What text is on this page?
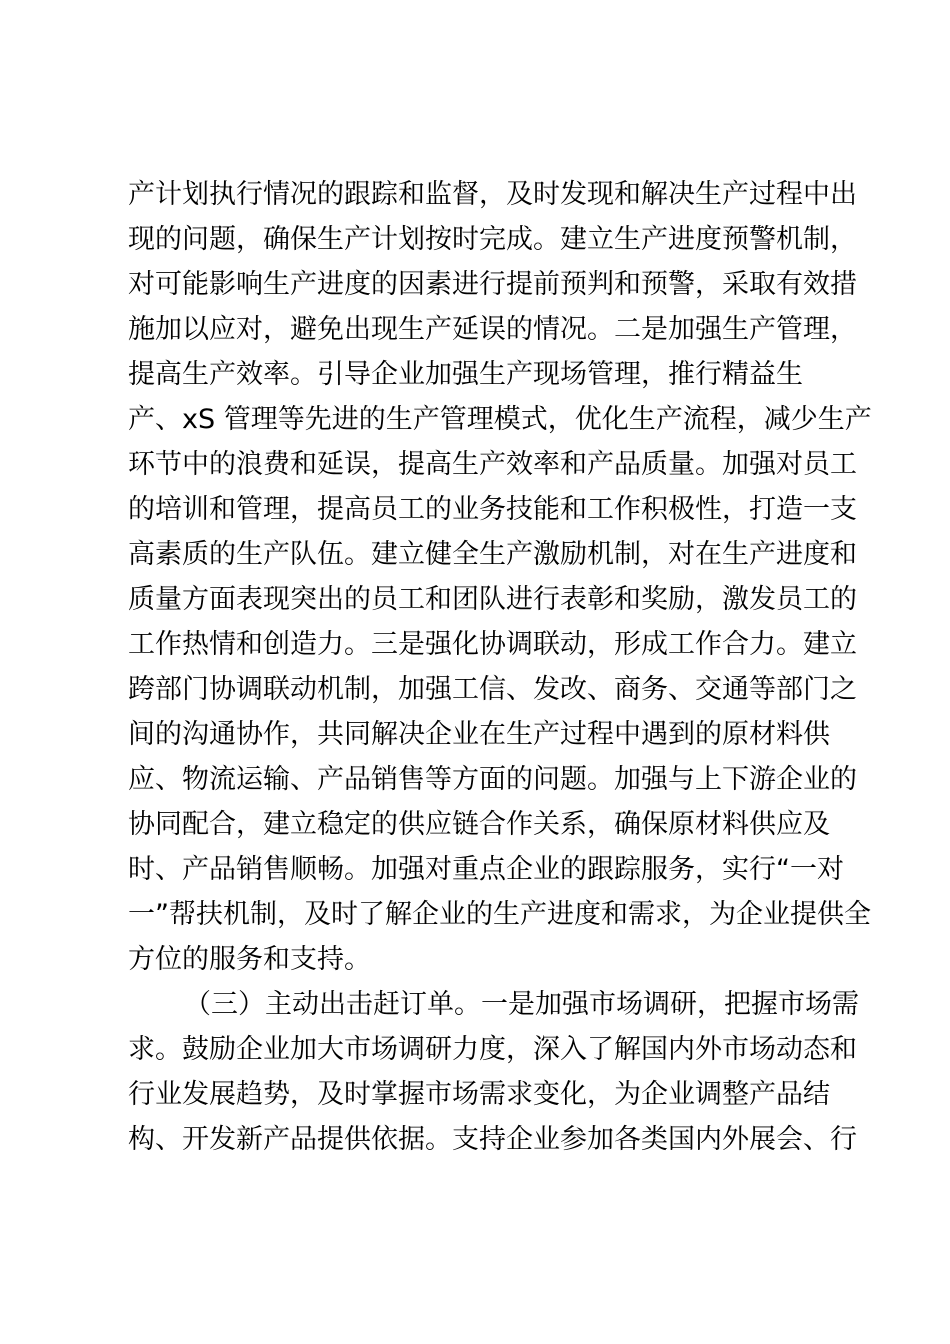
产计划执行情况的跟踪和监督，及时发现和解决生产过程中出
现的问题，确保生产计划按时完成。建立生产进度预警机制，
对可能影响生产进度的因素进行提前预判和预警，采取有效措
施加以应对，避免出现生产延误的情况。二是加强生产管理，
提高生产效率。引导企业加强生产现场管理，推行精益生
产、xS 管理等先进的生产管理模式，优化生产流程，减少生产
环节中的浪费和延误，提高生产效率和产品质量。加强对员工
的培训和管理，提高员工的业务技能和工作积极性，打造一支
高素质的生产队伍。建立健全生产激励机制，对在生产进度和
质量方面表现突出的员工和团队进行表彰和奖励，激发员工的
工作热情和创造力。三是强化协调联动，形成工作合力。建立
跨部门协调联动机制，加强工信、发改、商务、交通等部门之
间的沟通协作，共同解决企业在生产过程中遇到的原材料供
应、物流运输、产品销售等方面的问题。加强与上下游企业的
协同配合，建立稳定的供应链合作关系，确保原材料供应及
时、产品销售顺畅。加强对重点企业的跟踪服务，实行“一对
一”帮扶机制，及时了解企业的生产进度和需求，为企业提供全
方位的服务和支持。
（三）主动出击赶订单。一是加强市场调研，把握市场需
求。鼓励企业加大市场调研力度，深入了解国内外市场动态和
行业发展趋势，及时掌握市场需求变化，为企业调整产品结
构、开发新产品提供依据。支持企业参加各类国内外展会、行
